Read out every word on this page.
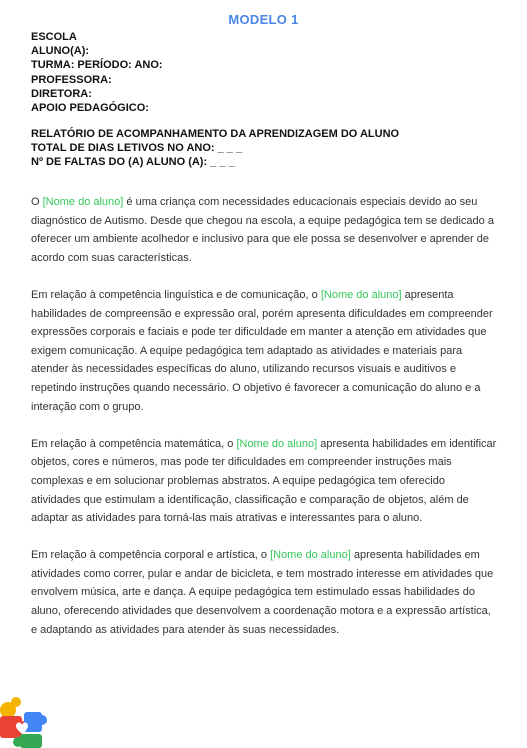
MODELO 1
ESCOLA
ALUNO(A):
TURMA: PERÍODO: ANO:
PROFESSORA:
DIRETORA:
APOIO PEDAGÓGICO:
RELATÓRIO DE ACOMPANHAMENTO DA APRENDIZAGEM DO ALUNO
TOTAL DE DIAS LETIVOS NO ANO: _ _ _
Nº DE FALTAS DO (A) ALUNO (A): _ _ _

O [Nome do aluno] é uma criança com necessidades educacionais especiais devido ao seu diagnóstico de Autismo. Desde que chegou na escola, a equipe pedagógica tem se dedicado a oferecer um ambiente acolhedor e inclusivo para que ele possa se desenvolver e aprender de acordo com suas características.

Em relação à competência linguística e de comunicação, o [Nome do aluno] apresenta habilidades de compreensão e expressão oral, porém apresenta dificuldades em compreender expressões corporais e faciais e pode ter dificuldade em manter a atenção em atividades que exigem comunicação. A equipe pedagógica tem adaptado as atividades e materiais para atender às necessidades específicas do aluno, utilizando recursos visuais e auditivos e repetindo instruções quando necessário. O objetivo é favorecer a comunicação do aluno e a interação com o grupo.

Em relação à competência matemática, o [Nome do aluno] apresenta habilidades em identificar objetos, cores e números, mas pode ter dificuldades em compreender instruções mais complexas e em solucionar problemas abstratos. A equipe pedagógica tem oferecido atividades que estimulam a identificação, classificação e comparação de objetos, além de adaptar as atividades para torná-las mais atrativas e interessantes para o aluno.

Em relação à competência corporal e artística, o [Nome do aluno] apresenta habilidades em atividades como correr, pular e andar de bicicleta, e tem mostrado interesse em atividades que envolvem música, arte e dança. A equipe pedagógica tem estimulado essas habilidades do aluno, oferecendo atividades que desenvolvem a coordenação motora e a expressão artística, e adaptando as atividades para atender às suas necessidades.
